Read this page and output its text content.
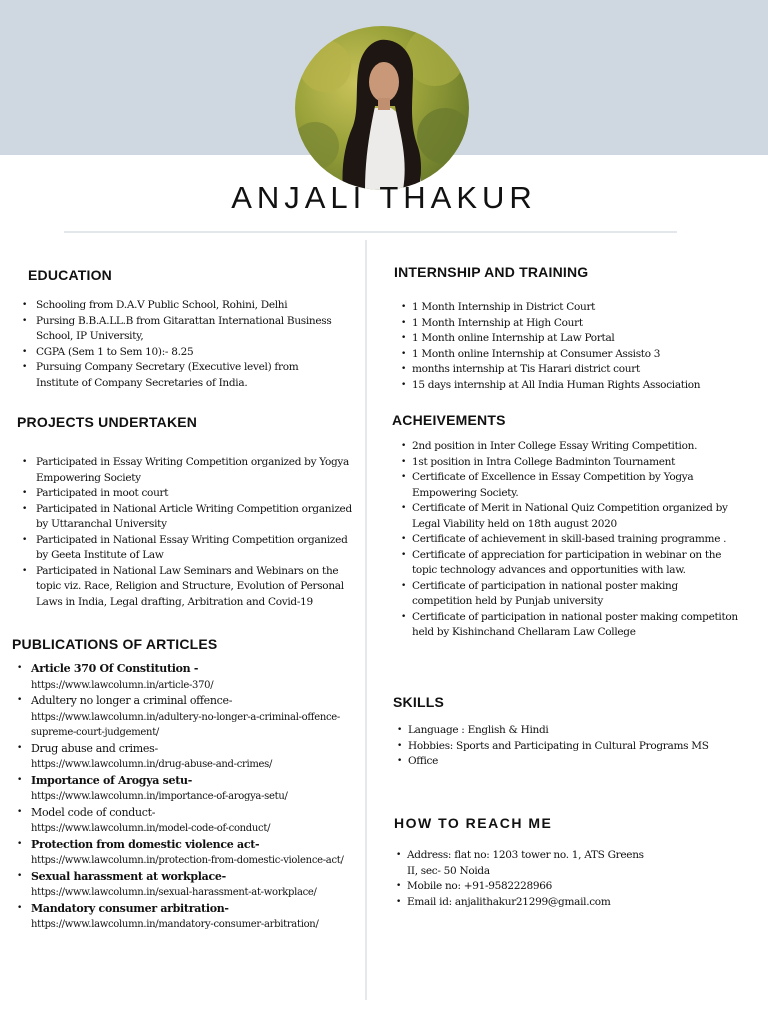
ANJALI THAKUR
EDUCATION
• Schooling from D.A.V Public School, Rohini, Delhi
• Pursing B.B.A.LL.B from Gitarattan International Business School, IP University,
• CGPA (Sem 1 to Sem 10):- 8.25
• Pursuing Company Secretary (Executive level) from Institute of Company Secretaries of India.
PROJECTS UNDERTAKEN
• Participated in Essay Writing Competition organized by Yogya Empowering Society
• Participated in moot court
• Participated in National Article Writing Competition organized by Uttaranchal University
• Participated in National Essay Writing Competition organized by Geeta Institute of Law
• Participated in National Law Seminars and Webinars on the topic viz. Race, Religion and Structure, Evolution of Personal Laws in India, Legal drafting, Arbitration and Covid-19
PUBLICATIONS OF ARTICLES
• Article 370 Of Constitution -
https://www.lawcolumn.in/article-370/
• Adultery no longer a criminal offence-
https://www.lawcolumn.in/adultery-no-longer-a-criminal-offence-supreme-court-judgement/
• Drug abuse and crimes-
https://www.lawcolumn.in/drug-abuse-and-crimes/
• Importance of Arogya setu-
https://www.lawcolumn.in/importance-of-arogya-setu/
• Model code of conduct-
https://www.lawcolumn.in/model-code-of-conduct/
• Protection from domestic violence act-
https://www.lawcolumn.in/protection-from-domestic-violence-act/
• Sexual harassment at workplace-
https://www.lawcolumn.in/sexual-harassment-at-workplace/
• Mandatory consumer arbitration-
https://www.lawcolumn.in/mandatory-consumer-arbitration/
INTERNSHIP AND TRAINING
• 1 Month Internship in District Court
• 1 Month Internship at High Court
• 1 Month online Internship at Law Portal
• 1 Month online Internship at Consumer Assisto 3
• months internship at Tis Harari district court
• 15 days internship at All India Human Rights Association
ACHEIVEMENTS
• 2nd position in Inter College Essay Writing Competition.
• 1st position in Intra College Badminton Tournament
• Certificate of Excellence in Essay Competition by Yogya Empowering Society.
• Certificate of Merit in National Quiz Competition organized by Legal Viability held on 18th august 2020
• Certificate of achievement in skill-based training programme .
• Certificate of appreciation for participation in webinar on the topic technology advances and opportunities with law.
• Certificate of participation in national poster making competition held by Punjab university
• Certificate of participation in national poster making competiton held by Kishinchand Chellaram Law College
SKILLS
• Language : English & Hindi
• Hobbies: Sports and Participating in Cultural Programs MS
• Office
HOW TO REACH ME
• Address: flat no: 1203 tower no. 1, ATS Greens II, sec- 50 Noida
• Mobile no: +91-9582228966
• Email id: anjalithakur21299@gmail.com
